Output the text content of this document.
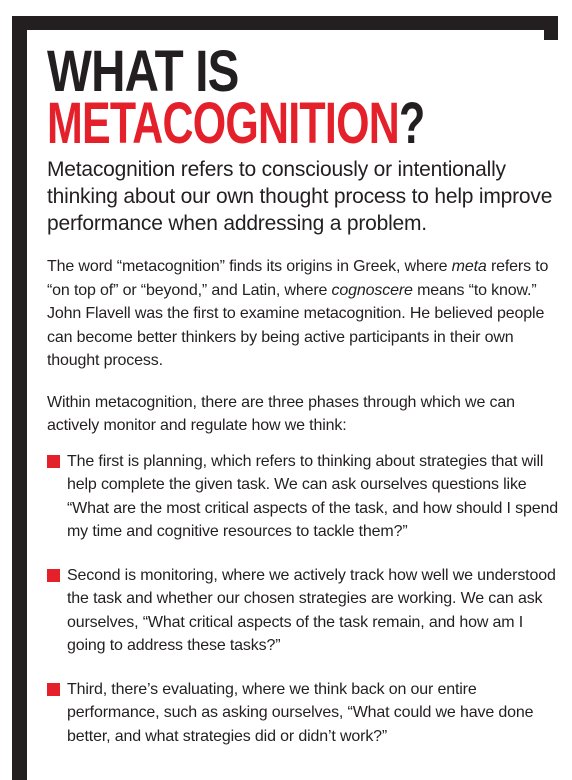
WHAT IS
METACOGNITION?

Metacognition refers to consciously or intentionally thinking about our own thought process to help improve performance when addressing a problem.

The word “metacognition” finds its origins in Greek, where meta refers to “on top of” or “beyond,” and Latin, where cognoscere means “to know.” John Flavell was the first to examine metacognition. He believed people can become better thinkers by being active participants in their own thought process.

Within metacognition, there are three phases through which we can actively monitor and regulate how we think:

The first is planning, which refers to thinking about strategies that will help complete the given task. We can ask ourselves questions like “What are the most critical aspects of the task, and how should I spend my time and cognitive resources to tackle them?”
Second is monitoring, where we actively track how well we understood the task and whether our chosen strategies are working. We can ask ourselves, “What critical aspects of the task remain, and how am I going to address these tasks?”
Third, there’s evaluating, where we think back on our entire performance, such as asking ourselves, “What could we have done better, and what strategies did or didn’t work?”
